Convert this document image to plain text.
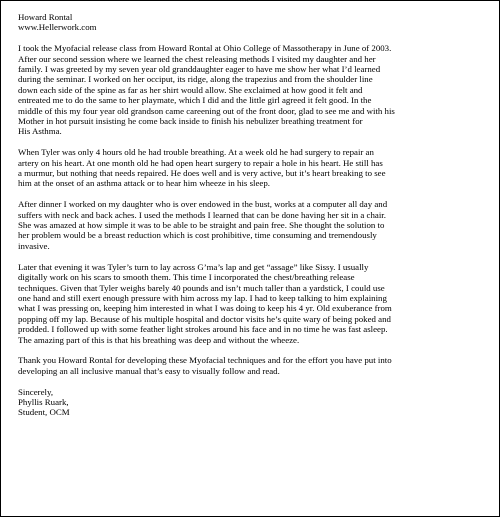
Howard Rontal
www.Hellerwork.com
I took the Myofacial release class from Howard Rontal at Ohio College of Massotherapy in June of 2003.
After our second session where we learned the chest releasing methods I visited my daughter and her
family. I was greeted by my seven year old granddaughter eager to have me show her what I’d learned
during the seminar. I worked on her occiput, its ridge, along the trapezius and from the shoulder line
down each side of the spine as far as her shirt would allow. She exclaimed at how good it felt and
entreated me to do the same to her playmate, which I did and the little girl agreed it felt good. In the
middle of this my four year old grandson came careening out of the front door, glad to see me and with his
Mother in hot pursuit insisting he come back inside to finish his nebulizer breathing treatment for
His Asthma.
When Tyler was only 4 hours old he had trouble breathing. At a week old he had surgery to repair an
artery on his heart. At one month old he had open heart surgery to repair a hole in his heart. He still has
a murmur, but nothing that needs repaired. He does well and is very active, but it’s heart breaking to see
him at the onset of an asthma attack or to hear him wheeze in his sleep.
After dinner I worked on my daughter who is over endowed in the bust, works at a computer all day and
suffers with neck and back aches. I used the methods I learned that can be done having her sit in a chair.
She was amazed at how simple it was to be able to be straight and pain free. She thought the solution to
her problem would be a breast reduction which is cost prohibitive, time consuming and tremendously
invasive.
Later that evening it was Tyler’s turn to lay across G’ma’s lap and get “assage” like Sissy. I usually
digitally work on his scars to smooth them. This time I incorporated the chest/breathing release
techniques. Given that Tyler weighs barely 40 pounds and isn’t much taller than a yardstick, I could use
one hand and still exert enough pressure with him across my lap. I had to keep talking to him explaining
what I was pressing on, keeping him interested in what I was doing to keep his 4 yr. Old exuberance from
popping off my lap. Because of his multiple hospital and doctor visits he’s quite wary of being poked and
prodded. I followed up with some feather light strokes around his face and in no time he was fast asleep.
The amazing part of this is that his breathing was deep and without the wheeze.
Thank you Howard Rontal for developing these Myofacial techniques and for the effort you have put into
developing an all inclusive manual that’s easy to visually follow and read.
Sincerely,
Phyllis Ruark,
Student, OCM
